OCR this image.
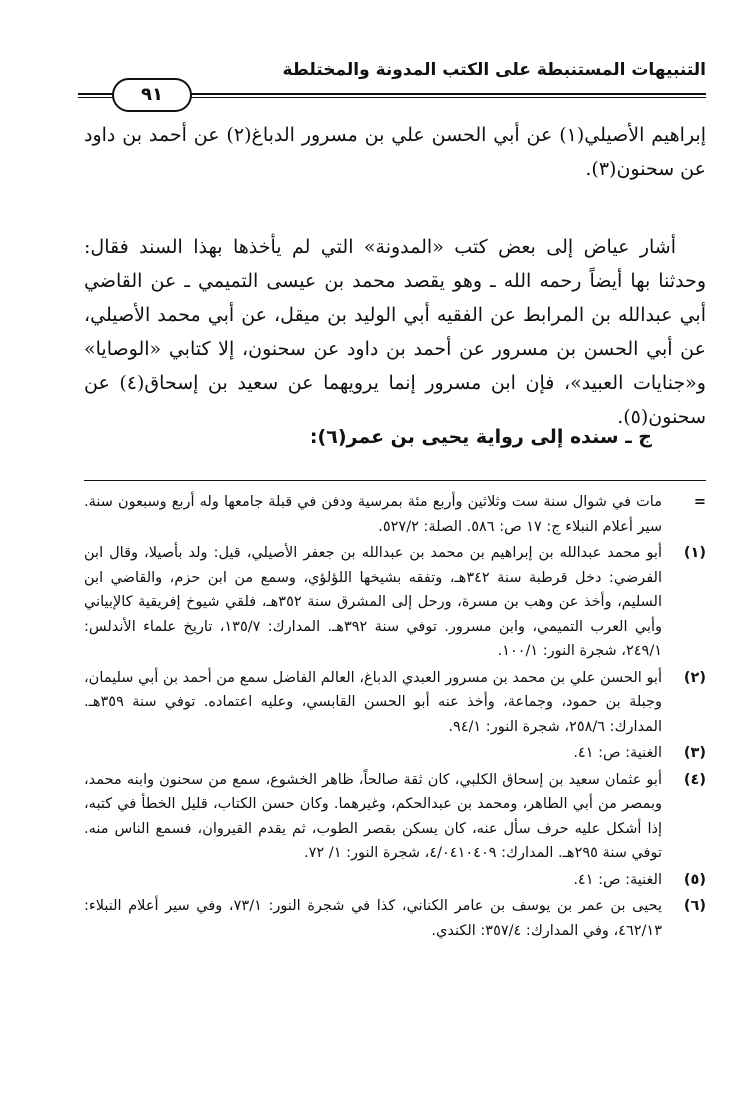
التنبيهات المستنبطة على الكتب المدونة والمختلطة
٩١

إبراهيم الأصيلي(١) عن أبي الحسن علي بن مسرور الدباغ(٢) عن أحمد بن داود عن سحنون(٣).

أشار عياض إلى بعض كتب «المدونة» التي لم يأخذها بهذا السند فقال: وحدثنا بها أيضاً رحمه الله ـ وهو يقصد محمد بن عيسى التميمي ـ عن القاضي أبي عبدالله بن المرابط عن الفقيه أبي الوليد بن ميقل، عن أبي محمد الأصيلي، عن أبي الحسن بن مسرور عن أحمد بن داود عن سحنون، إلا كتابي «الوصايا» و«جنايات العبيد»، فإن ابن مسرور إنما يرويهما عن سعيد بن إسحاق(٤) عن سحنون(٥).

ج ـ سنده إلى رواية يحيى بن عمر(٦):
=
مات في شوال سنة ست وثلاثين وأربع مئة بمرسية ودفن في قبلة جامعها وله أربع وسبعون سنة. سير أعلام النبلاء ج: ١٧ ص: ٥٨٦. الصلة: ٥٢٧/٢.
(١)
أبو محمد عبدالله بن إبراهيم بن محمد بن عبدالله بن جعفر الأصيلي، قيل: ولد بأصيلا، وقال ابن الفرضي: دخل قرطبة سنة ٣٤٢هـ، وتفقه بشيخها اللؤلؤي، وسمع من ابن حزم، والقاضي ابن السليم، وأخذ عن وهب بن مسرة، ورحل إلى المشرق سنة ٣٥٢هـ، فلقي شيوخ إفريقية كالإبياني وأبي العرب التميمي، وابن مسرور. توفي سنة ٣٩٢هـ. المدارك: ١٣٥/٧، تاريخ علماء الأندلس: ٢٤٩/١، شجرة النور: ١٠٠/١.
(٢)
أبو الحسن علي بن محمد بن مسرور العبدي الدباغ، العالم الفاضل سمع من أحمد بن أبي سليمان، وجبلة بن حمود، وجماعة، وأخذ عنه أبو الحسن القابسي، وعليه اعتماده. توفي سنة ٣٥٩هـ. المدارك: ٢٥٨/٦، شجرة النور: ٩٤/١.
(٣)
الغنية: ص: ٤١.
(٤)
أبو عثمان سعيد بن إسحاق الكلبي، كان ثقة صالحاً، ظاهر الخشوع، سمع من سحنون وابنه محمد، وبمصر من أبي الطاهر، ومحمد بن عبدالحكم، وغيرهما. وكان حسن الكتاب، قليل الخطأ في كتبه، إذا أشكل عليه حرف سأل عنه، كان يسكن بقصر الطوب، ثم يقدم القيروان، فسمع الناس منه. توفي سنة ٢٩٥هـ. المدارك: ٤/٠٤١٠٤٠٩، شجرة النور: ١/ ٧٢.
(٥)
الغنية: ص: ٤١.
(٦)
يحيى بن عمر بن يوسف بن عامر الكناني، كذا في شجرة النور: ٧٣/١، وفي سير أعلام النبلاء: ٤٦٢/١٣، وفي المدارك: ٣٥٧/٤: الكندي.
